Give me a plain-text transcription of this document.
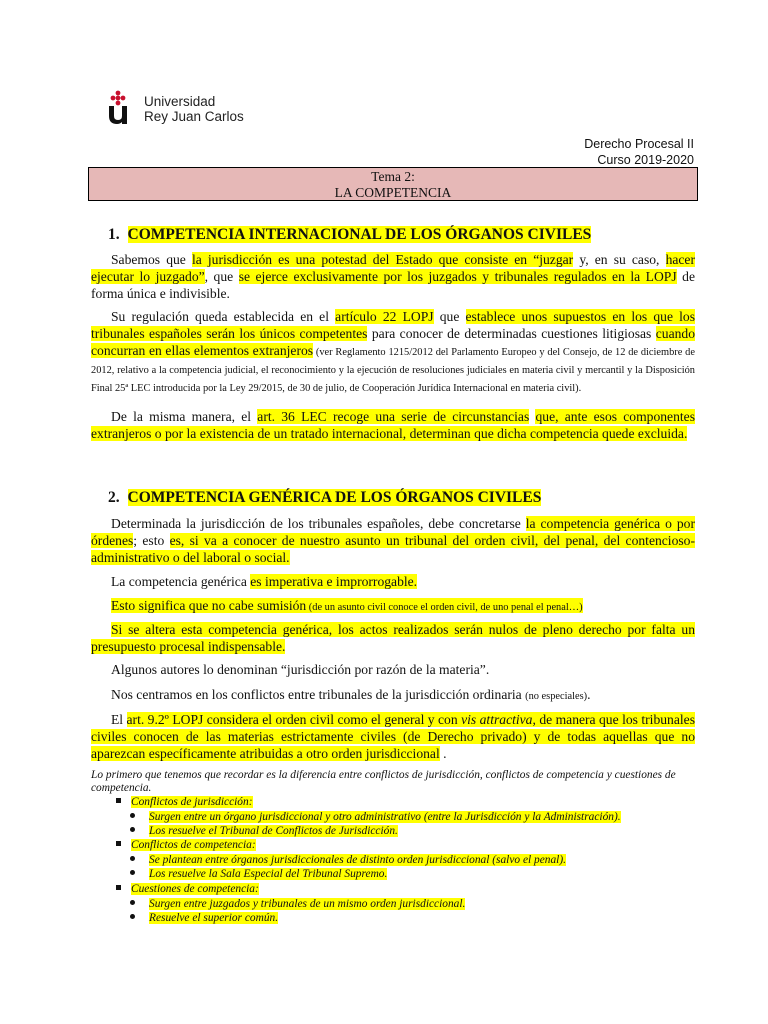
Universidad
Rey Juan Carlos
Derecho Procesal II
Curso 2019-2020
Tema 2:
LA COMPETENCIA
1. COMPETENCIA INTERNACIONAL DE LOS ÓRGANOS CIVILES
Sabemos que la jurisdicción es una potestad del Estado que consiste en “juzgar y, en su caso, hacer ejecutar lo juzgado”, que se ejerce exclusivamente por los juzgados y tribunales regulados en la LOPJ de forma única e indivisible.
Su regulación queda establecida en el artículo 22 LOPJ que establece unos supuestos en los que los tribunales españoles serán los únicos competentes para conocer de determinadas cuestiones litigiosas cuando concurran en ellas elementos extranjeros (ver Reglamento 1215/2012 del Parlamento Europeo y del Consejo, de 12 de diciembre de 2012, relativo a la competencia judicial, el reconocimiento y la ejecución de resoluciones judiciales en materia civil y mercantil y la Disposición Final 25ª LEC introducida por la Ley 29/2015, de 30 de julio, de Cooperación Jurídica Internacional en materia civil).
De la misma manera, el art. 36 LEC recoge una serie de circunstancias que, ante esos componentes extranjeros o por la existencia de un tratado internacional, determinan que dicha competencia quede excluida.
2. COMPETENCIA GENÉRICA DE LOS ÓRGANOS CIVILES
Determinada la jurisdicción de los tribunales españoles, debe concretarse la competencia genérica o por órdenes; esto es, si va a conocer de nuestro asunto un tribunal del orden civil, del penal, del contencioso-administrativo o del laboral o social.
La competencia genérica es imperativa e improrrogable.
Esto significa que no cabe sumisión (de un asunto civil conoce el orden civil, de uno penal el penal…)
Si se altera esta competencia genérica, los actos realizados serán nulos de pleno derecho por falta un presupuesto procesal indispensable.
Algunos autores lo denominan “jurisdicción por razón de la materia”.
Nos centramos en los conflictos entre tribunales de la jurisdicción ordinaria (no especiales).
El art. 9.2º LOPJ considera el orden civil como el general y con vis attractiva, de manera que los tribunales civiles conocen de las materias estrictamente civiles (de Derecho privado) y de todas aquellas que no aparezcan específicamente atribuidas a otro orden jurisdiccional .
Lo primero que tenemos que recordar es la diferencia entre conflictos de jurisdicción, conflictos de competencia y cuestiones de competencia.
Conflictos de jurisdicción:
Surgen entre un órgano jurisdiccional y otro administrativo (entre la Jurisdicción y la Administración).
Los resuelve el Tribunal de Conflictos de Jurisdicción.
Conflictos de competencia:
Se plantean entre órganos jurisdiccionales de distinto orden jurisdiccional (salvo el penal).
Los resuelve la Sala Especial del Tribunal Supremo.
Cuestiones de competencia:
Surgen entre juzgados y tribunales de un mismo orden jurisdiccional.
Resuelve el superior común.
